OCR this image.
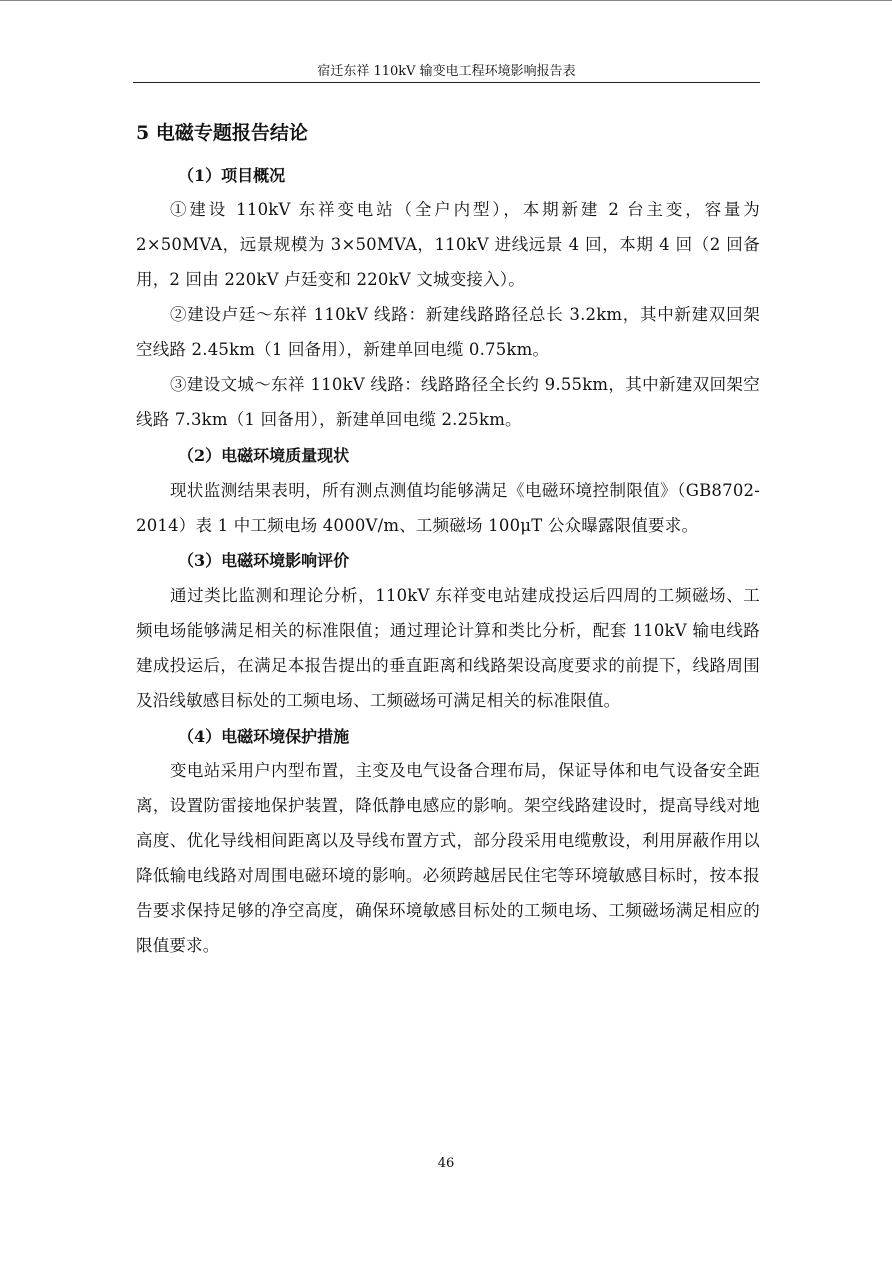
宿迁东祥 110kV 输变电工程环境影响报告表
5 电磁专题报告结论
（1）项目概况

①建设 110kV 东祥变电站（全户内型），本期新建 2 台主变，容量为 2×50MVA，远景规模为 3×50MVA，110kV 进线远景 4 回，本期 4 回（2 回备用，2 回由 220kV 卢廷变和 220kV 文城变接入）。

②建设卢廷～东祥 110kV 线路：新建线路路径总长 3.2km，其中新建双回架空线路 2.45km（1 回备用），新建单回电缆 0.75km。

③建设文城～东祥 110kV 线路：线路路径全长约 9.55km，其中新建双回架空线路 7.3km（1 回备用），新建单回电缆 2.25km。

（2）电磁环境质量现状

现状监测结果表明，所有测点测值均能够满足《电磁环境控制限值》（GB8702-2014）表 1 中工频电场 4000V/m、工频磁场 100μT 公众曝露限值要求。

（3）电磁环境影响评价

通过类比监测和理论分析，110kV 东祥变电站建成投运后四周的工频磁场、工频电场能够满足相关的标准限值；通过理论计算和类比分析，配套 110kV 输电线路建成投运后，在满足本报告提出的垂直距离和线路架设高度要求的前提下，线路周围及沿线敏感目标处的工频电场、工频磁场可满足相关的标准限值。

（4）电磁环境保护措施

变电站采用户内型布置，主变及电气设备合理布局，保证导体和电气设备安全距离，设置防雷接地保护装置，降低静电感应的影响。架空线路建设时，提高导线对地高度、优化导线相间距离以及导线布置方式，部分段采用电缆敷设，利用屏蔽作用以降低输电线路对周围电磁环境的影响。必须跨越居民住宅等环境敏感目标时，按本报告要求保持足够的净空高度，确保环境敏感目标处的工频电场、工频磁场满足相应的限值要求。

46
